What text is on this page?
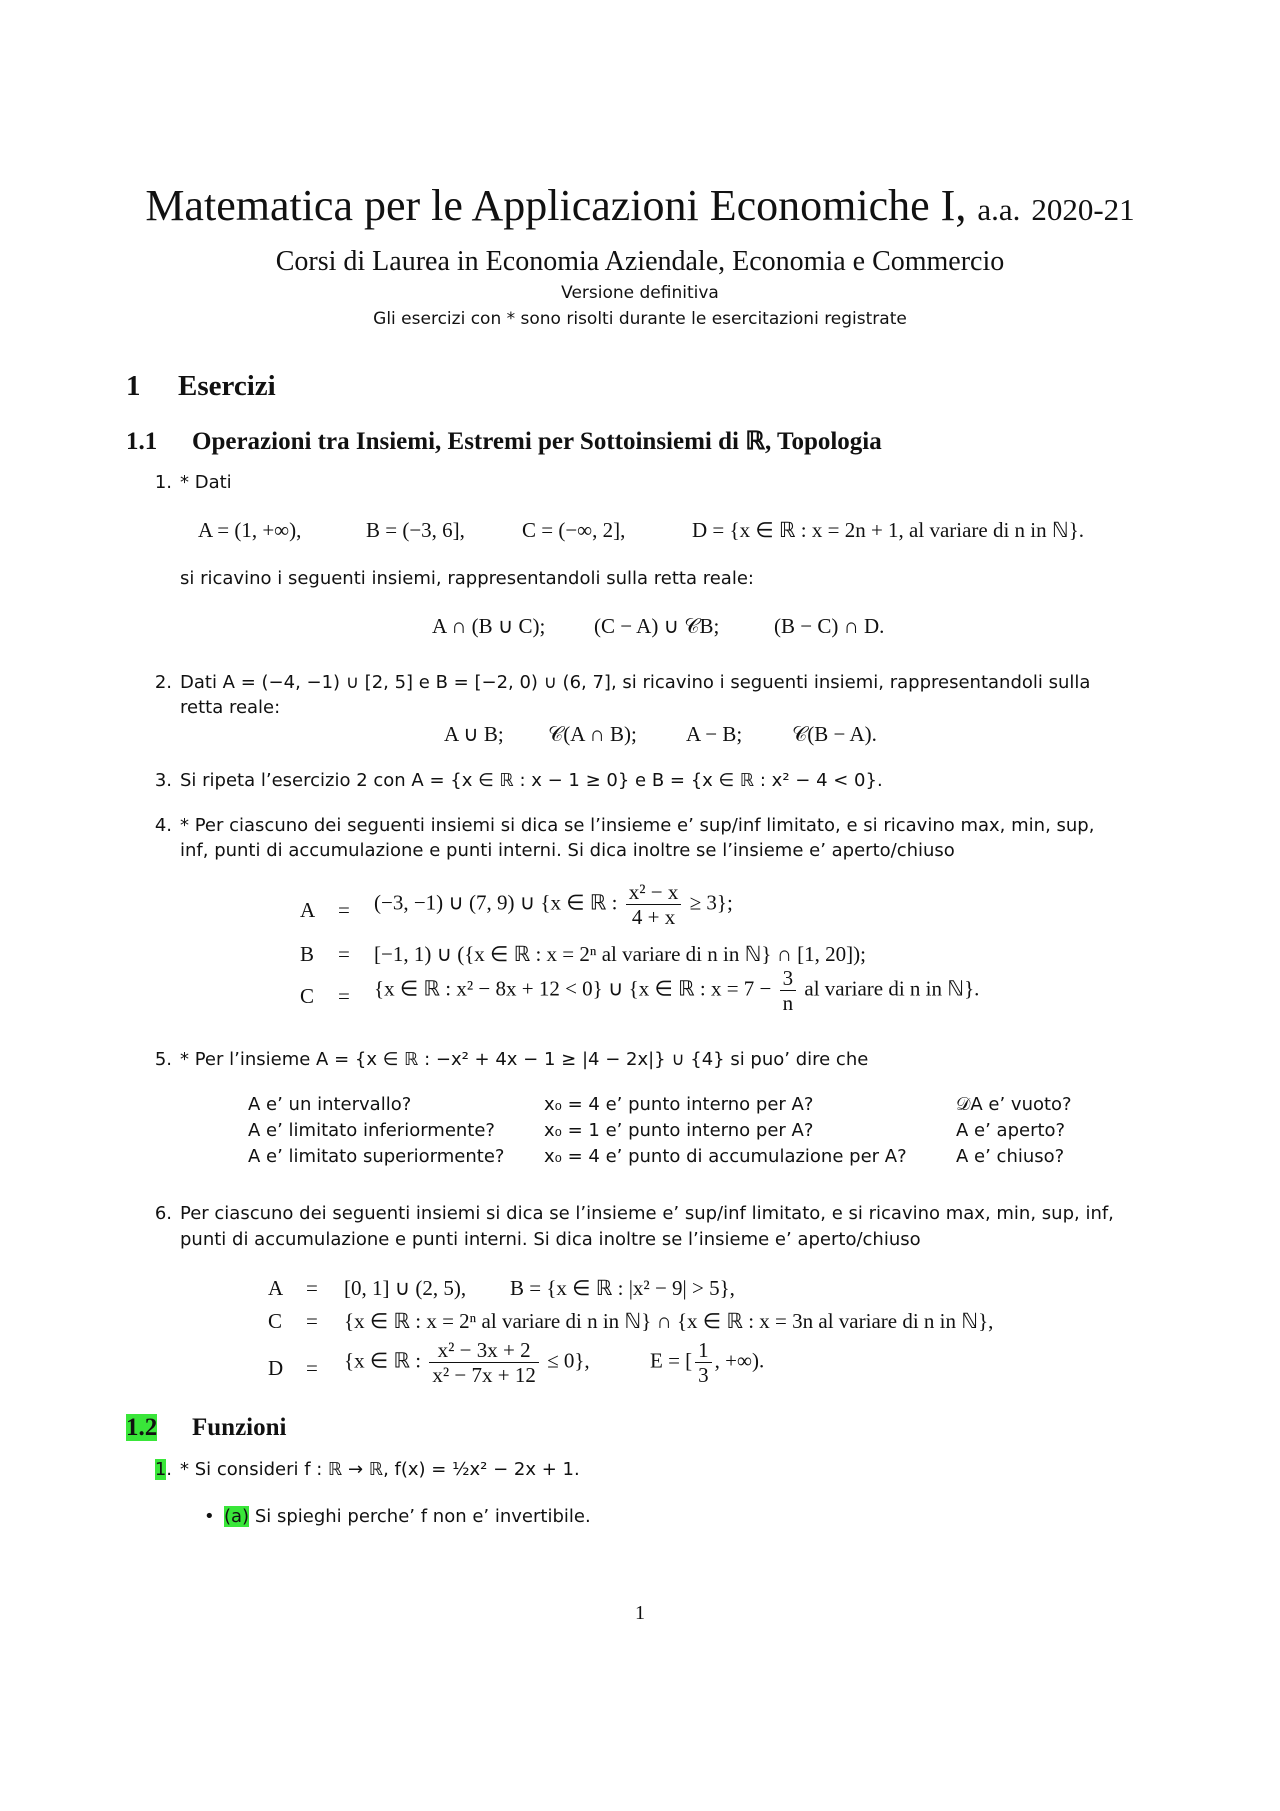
Matematica per le Applicazioni Economiche I, a.a. 2020-21
Corsi di Laurea in Economia Aziendale, Economia e Commercio
Versione definitiva
Gli esercizi con * sono risolti durante le esercitazioni registrate
1 Esercizi
1.1 Operazioni tra Insiemi, Estremi per Sottoinsiemi di ℝ, Topologia
1. * Dati
A = (1, +∞),	B = (−3, 6],	C = (−∞, 2],	D = {x ∈ ℝ : x = 2n + 1, al variare di n in ℕ}.
si ricavino i seguenti insiemi, rappresentandoli sulla retta reale:
A ∩ (B ∪ C); (C − A) ∪ 𝒞B;	(B − C) ∩ D.
2. Dati A = (−4, −1) ∪ [2, 5] e B = [−2, 0) ∪ (6, 7], si ricavino i seguenti insiemi, rappresentandoli sulla
retta reale:
A ∪ B; 𝒞(A ∩ B); A − B; 𝒞(B − A).
3. Si ripeta l’esercizio 2 con A = {x ∈ ℝ : x − 1 ≥ 0} e B = {x ∈ ℝ : x² − 4 < 0}.
4. * Per ciascuno dei seguenti insiemi si dica se l’insieme e’ sup/inf limitato, e si ricavino max, min, sup,
inf, punti di accumulazione e punti interni. Si dica inoltre se l’insieme e’ aperto/chiuso
A = (−3, −1) ∪ (7, 9) ∪ {x ∈ ℝ : $\frac{\text{x² − x}}{4 + x} \ge 3$};
B = [−1, 1) ∪ ({x ∈ ℝ : x = 2ⁿ al variare di n in ℕ} ∩ [1, 20]);
C = {x ∈ ℝ : x² − 8x + 12 < 0} ∪ {x ∈ ℝ : $x = 7 - \frac{3}{n}$ al variare di n in ℕ}.
5. * Per l’insieme A = {x ∈ ℝ : −x² + 4x − 1 ≥ |4 − 2x|} ∪ {4} si puo’ dire che
A e’ un intervallo?	x₀ = 4 e’ punto interno per A?	𝒟A e’ vuoto?
A e’ limitato inferiormente?	x₀ = 1 e’ punto interno per A?	A e’ aperto?
A e’ limitato superiormente? x₀ = 4 e’ punto di accumulazione per A?	A e’ chiuso?
6. Per ciascuno dei seguenti insiemi si dica se l’insieme e’ sup/inf limitato, e si ricavino max, min, sup, inf,
punti di accumulazione e punti interni. Si dica inoltre se l’insieme e’ aperto/chiuso
A = [0, 1] ∪ (2, 5), B = {x ∈ ℝ : |x² − 9| > 5},
C = {x ∈ ℝ : x = 2ⁿ al variare di n in ℕ} ∩ {x ∈ ℝ : x = 3n al variare di n in ℕ},
D = {x ∈ ℝ : $\frac{\text{x² − 3x + 2}}{\text{x² − 7x + 12}} \le 0$},	E = [ $\frac{1}{3}$ , +∞).
1.2 Funzioni
1. * Si consideri f : ℝ → ℝ, f(x) = ½x² − 2x + 1.
• (a) Si spieghi perche’ f non e’ invertibile.
1
